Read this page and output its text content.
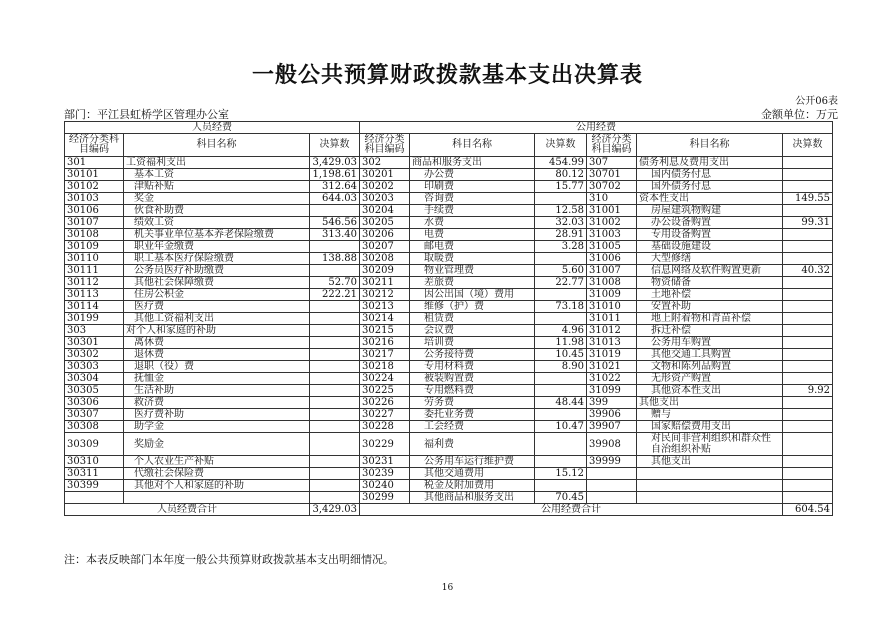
一般公共预算财政拨款基本支出决算表
公开06表
部门：平江县虹桥学区管理办公室	金额单位：万元
人员经费			公用经费					
经济分类科目编码	科目名称	决算数	经济分类科目编码	科目名称	决算数	经济分类科目编码	科目名称	决算数
301	工资福利支出	3,429.03	302	商品和服务支出	454.99	307	债务利息及费用支出	
30101	基本工资	1,198.61	30201	办公费	80.12	30701	国内债务付息	
30102	津贴补贴	312.64	30202	印刷费	15.77	30702	国外债务付息	
30103	奖金	644.03	30203	咨询费		310	资本性支出	149.55
30106	伙食补助费		30204	手续费	12.58	31001	房屋建筑物购建	
30107	绩效工资	546.56	30205	水费	32.03	31002	办公设备购置	99.31
30108	机关事业单位基本养老保险缴费	313.40	30206	电费	28.91	31003	专用设备购置	
30109	职业年金缴费		30207	邮电费	3.28	31005	基础设施建设	
30110	职工基本医疗保险缴费	138.88	30208	取暖费		31006	大型修缮	
30111	公务员医疗补助缴费		30209	物业管理费	5.60	31007	信息网络及软件购置更新	40.32
30112	其他社会保障缴费	52.70	30211	差旅费	22.77	31008	物资储备	
30113	住房公积金	222.21	30212	因公出国（境）费用		31009	土地补偿	
30114	医疗费		30213	维修（护）费	73.18	31010	安置补助	
30199	其他工资福利支出		30214	租赁费		31011	地上附着物和青苗补偿	
303	对个人和家庭的补助		30215	会议费	4.96	31012	拆迁补偿	
30301	离休费		30216	培训费	11.98	31013	公务用车购置	
30302	退休费		30217	公务接待费	10.45	31019	其他交通工具购置	
30303	退职（役）费		30218	专用材料费	8.90	31021	文物和陈列品购置	
30304	抚恤金		30224	被装购置费		31022	无形资产购置	
30305	生活补助		30225	专用燃料费		31099	其他资本性支出	9.92
30306	救济费		30226	劳务费	48.44	399	其他支出	
30307	医疗费补助		30227	委托业务费		39906	赠与	
30308	助学金		30228	工会经费	10.47	39907	国家赔偿费用支出	
30309	奖励金		30229	福利费		39908	对民间非营利组织和群众性自治组织补贴	
30310	个人农业生产补贴		30231	公务用车运行维护费		39999	其他支出	
30311	代缴社会保险费		30239	其他交通费用	15.12			
30399	其他对个人和家庭的补助		30240	税金及附加费用				
			30299	其他商品和服务支出	70.45			
人员经费合计		3,429.03	公用经费合计					604.54
注：本表反映部门本年度一般公共预算财政拨款基本支出明细情况。
16
